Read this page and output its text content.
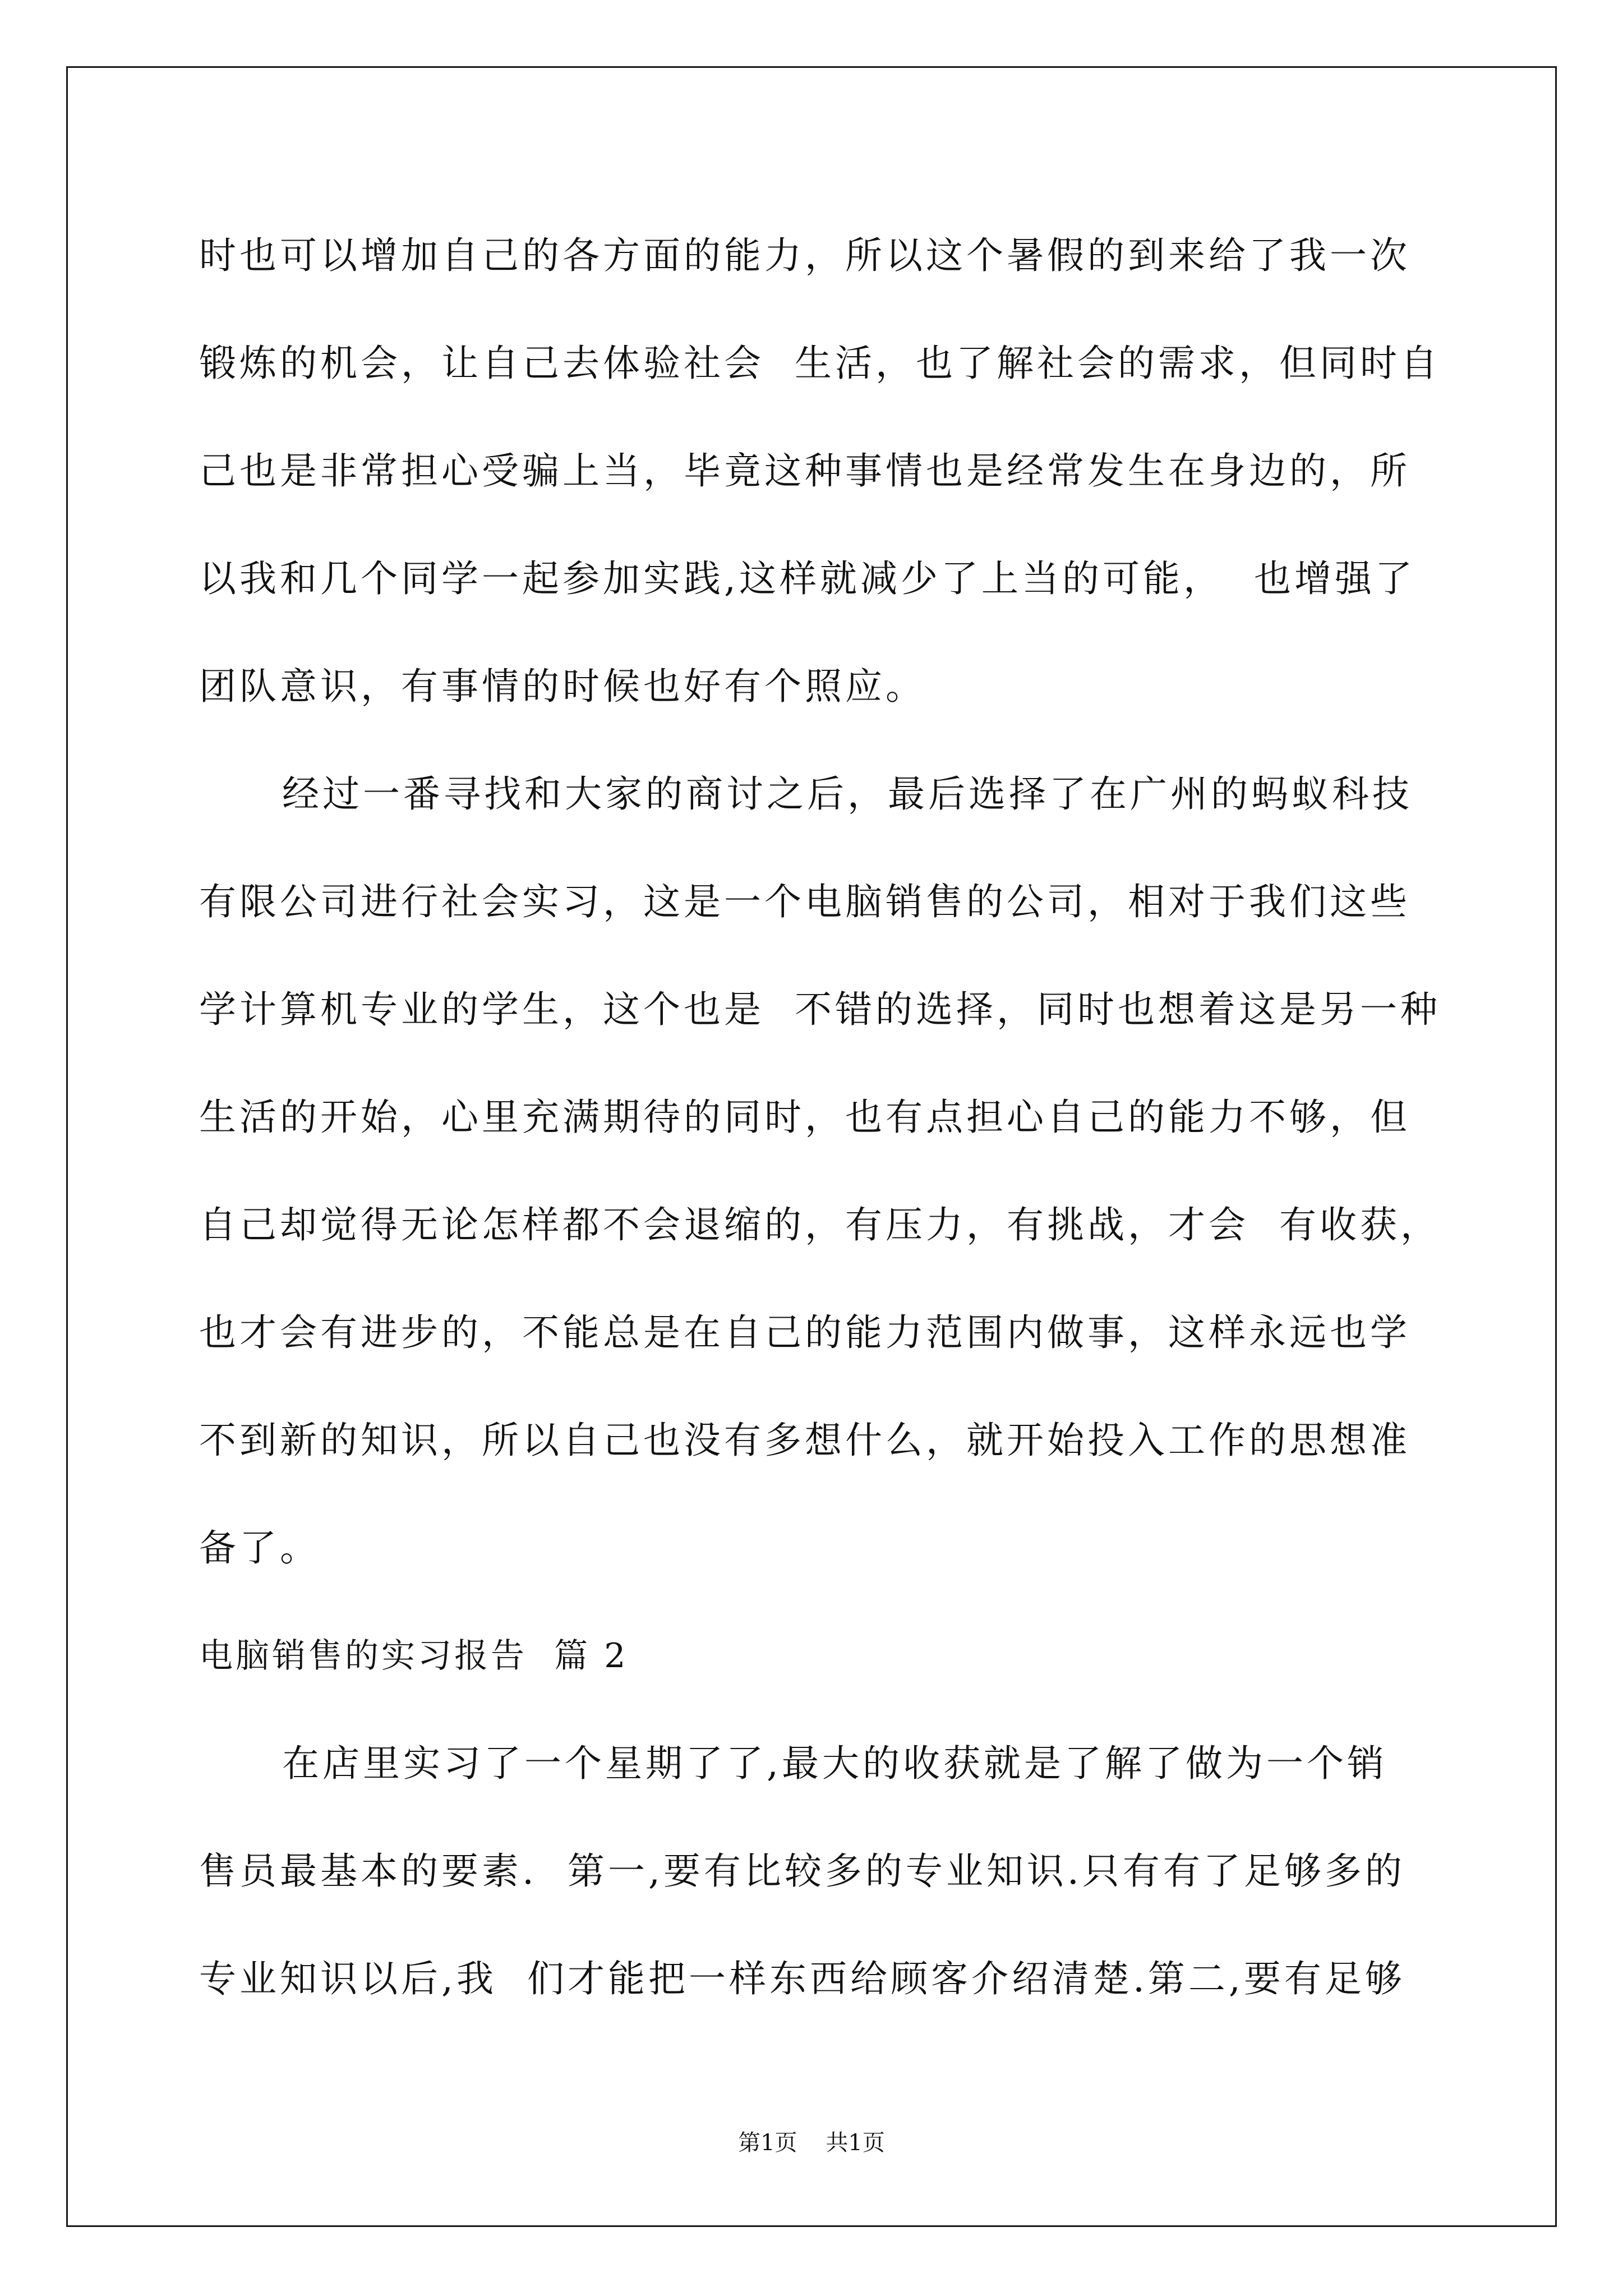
时也可以增加自己的各方面的能力，所以这个暑假的到来给了我一次
锻炼的机会，让自己去体验社会  生活，也了解社会的需求，但同时自
己也是非常担心受骗上当，毕竟这种事情也是经常发生在身边的，所
以我和几个同学一起参加实践,这样就减少了上当的可能，  也增强了
团队意识，有事情的时候也好有个照应。
经过一番寻找和大家的商讨之后，最后选择了在广州的蚂蚁科技
有限公司进行社会实习，这是一个电脑销售的公司，相对于我们这些
学计算机专业的学生，这个也是  不错的选择，同时也想着这是另一种
生活的开始，心里充满期待的同时，也有点担心自己的能力不够，但
自己却觉得无论怎样都不会退缩的，有压力，有挑战，才会  有收获，
也才会有进步的，不能总是在自己的能力范围内做事，这样永远也学
不到新的知识，所以自己也没有多想什么，就开始投入工作的思想准
备了。
电脑销售的实习报告  篇 2
在店里实习了一个星期了了,最大的收获就是了解了做为一个销
售员最基本的要素.  第一,要有比较多的专业知识.只有有了足够多的
专业知识以后,我  们才能把一样东西给顾客介绍清楚.第二,要有足够
第1页    共1页
